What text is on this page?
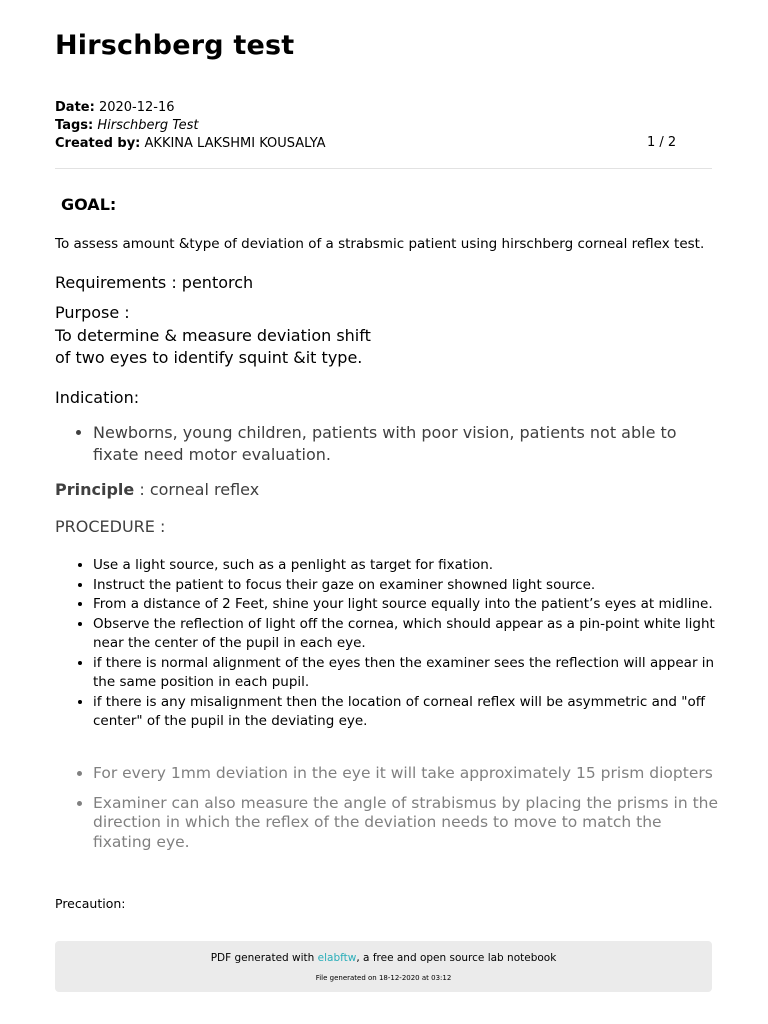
Hirschberg test
Date: 2020-12-16
Tags: Hirschberg Test
Created by: AKKINA LAKSHMI KOUSALYA	1 / 2
GOAL:
To assess amount &type of deviation of a strabsmic patient using hirschberg corneal reflex test.
Requirements : pentorch
Purpose :
To determine & measure deviation shift
of two eyes to identify squint &it type.
Indication:
• Newborns, young children, patients with poor vision, patients not able to fixate need motor evaluation.
Principle : corneal reflex
PROCEDURE :
• Use a light source, such as a penlight as target for fixation.
• Instruct the patient to focus their gaze on examiner showned light source.
• From a distance of 2 Feet, shine your light source equally into the patient’s eyes at midline.
• Observe the reflection of light off the cornea, which should appear as a pin-point white light near the center of the pupil in each eye.
• if there is normal alignment of the eyes then the examiner sees the reflection will appear in the same position in each pupil.
• if there is any misalignment then the location of corneal reflex will be asymmetric and "off center" of the pupil in the deviating eye.
• For every 1mm deviation in the eye it will take approximately 15 prism diopters
• Examiner can also measure the angle of strabismus by placing the prisms in the direction in which the reflex of the deviation needs to move to match the fixating eye.
Precaution:
PDF generated with elabftw, a free and open source lab notebook
File generated on 18-12-2020 at 03:12
